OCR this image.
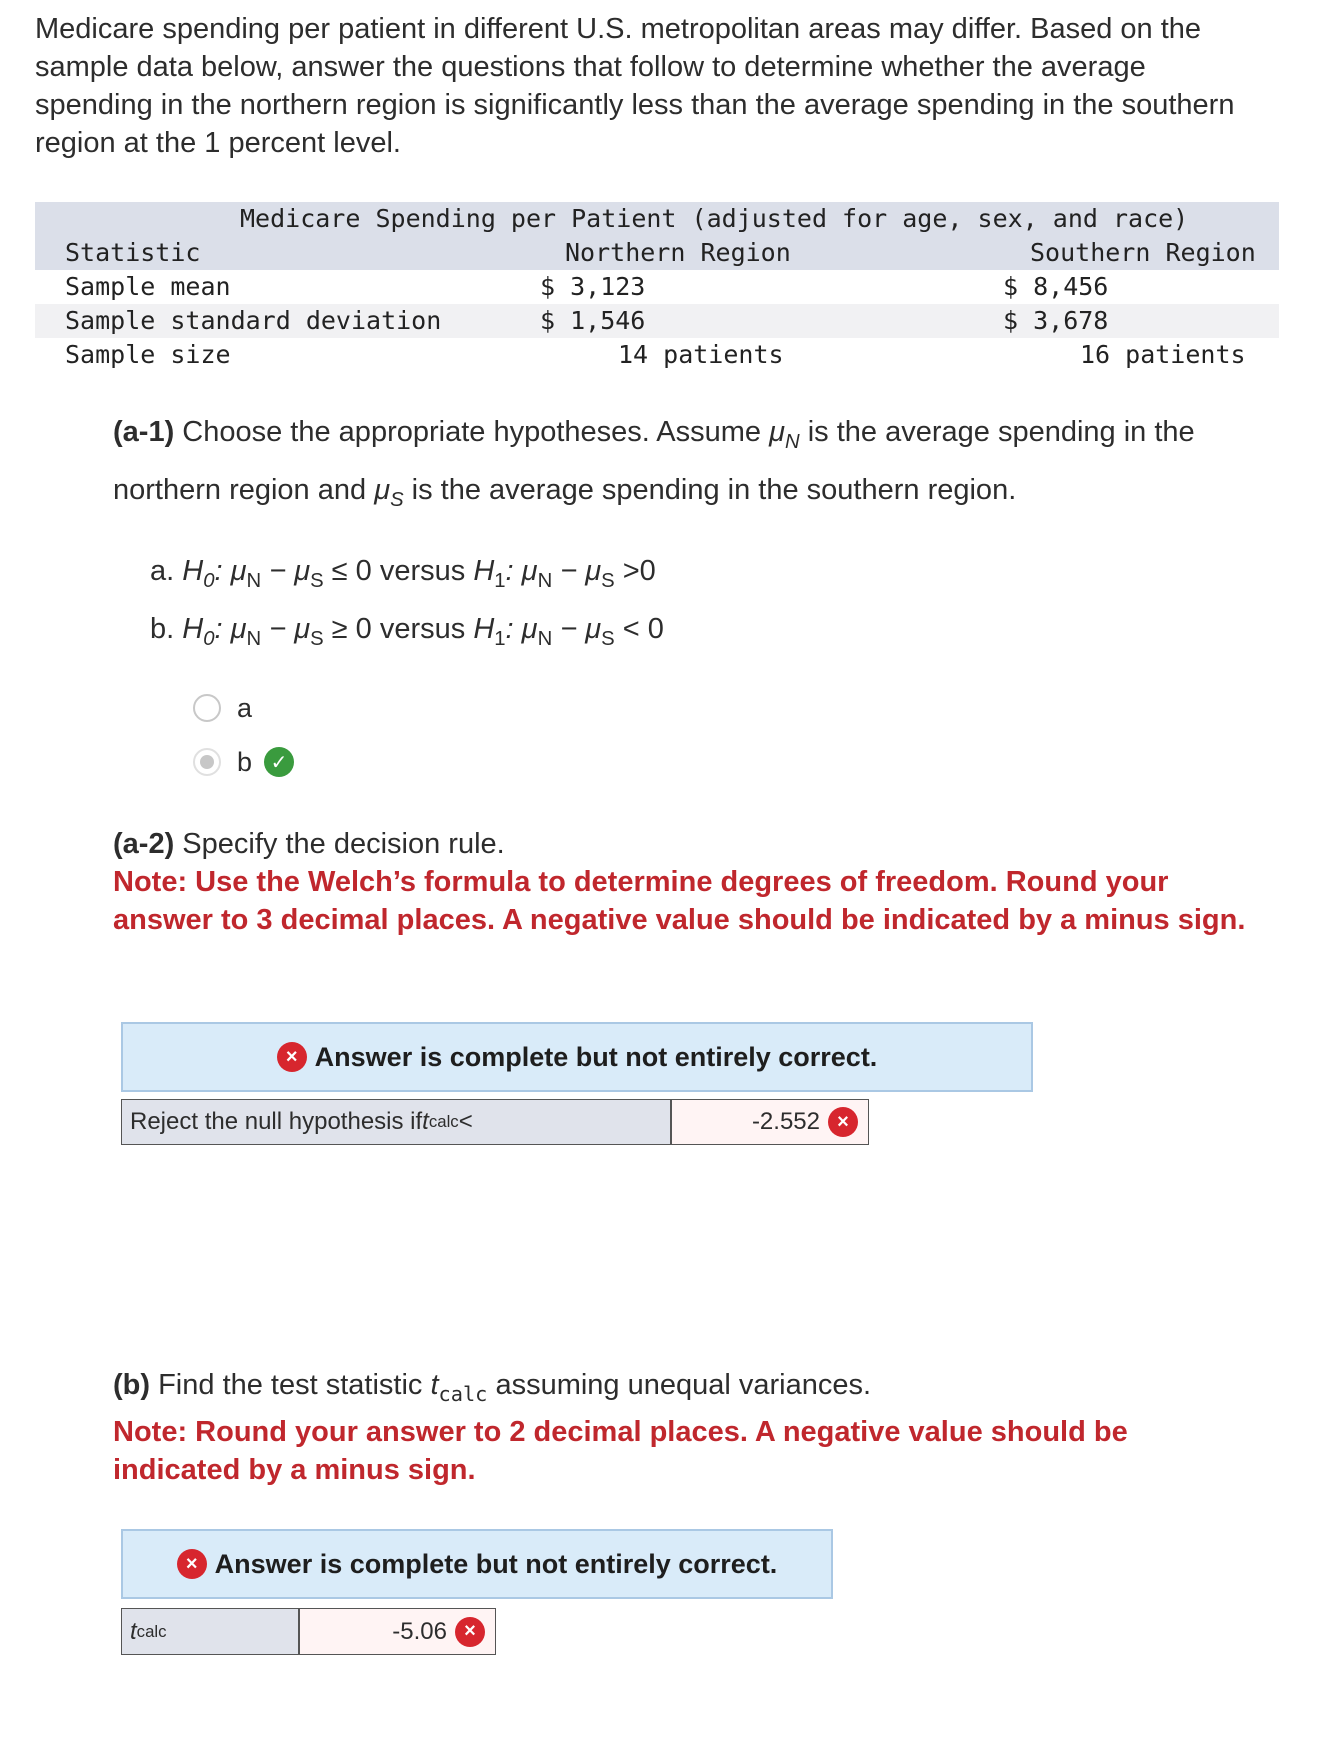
Medicare spending per patient in different U.S. metropolitan areas may differ. Based on the sample data below, answer the questions that follow to determine whether the average spending in the northern region is significantly less than the average spending in the southern region at the 1 percent level.

Medicare Spending per Patient (adjusted for age, sex, and race)
Statistic	Northern Region	Southern Region
Sample mean	$ 3,123	$ 8,456
Sample standard deviation	$ 1,546	$ 3,678
Sample size	14 patients	16 patients

(a-1) Choose the appropriate hypotheses. Assume $\mu_N$ is the average spending in the northern region and $\mu_S$ is the average spending in the southern region.

a. $H_0$: $\mu_N - \mu_S \le 0$ versus $H_1$: $\mu_N - \mu_S >0$
b. $H_0$: $\mu_N - \mu_S \ge 0$ versus $H_1$: $\mu_N - \mu_S < 0$
a
b ✓
(a-2) Specify the decision rule.
Note: Use the Welch’s formula to determine degrees of freedom. Round your answer to 3 decimal places. A negative value should be indicated by a minus sign.
× Answer is complete but not entirely correct.
Reject the null hypothesis if t calc <	-2.552 ×
(b) Find the test statistic $t_{calc}$ assuming unequal variances.
Note: Round your answer to 2 decimal places. A negative value should be indicated by a minus sign.
× Answer is complete but not entirely correct.
t calc	-5.06 ×
